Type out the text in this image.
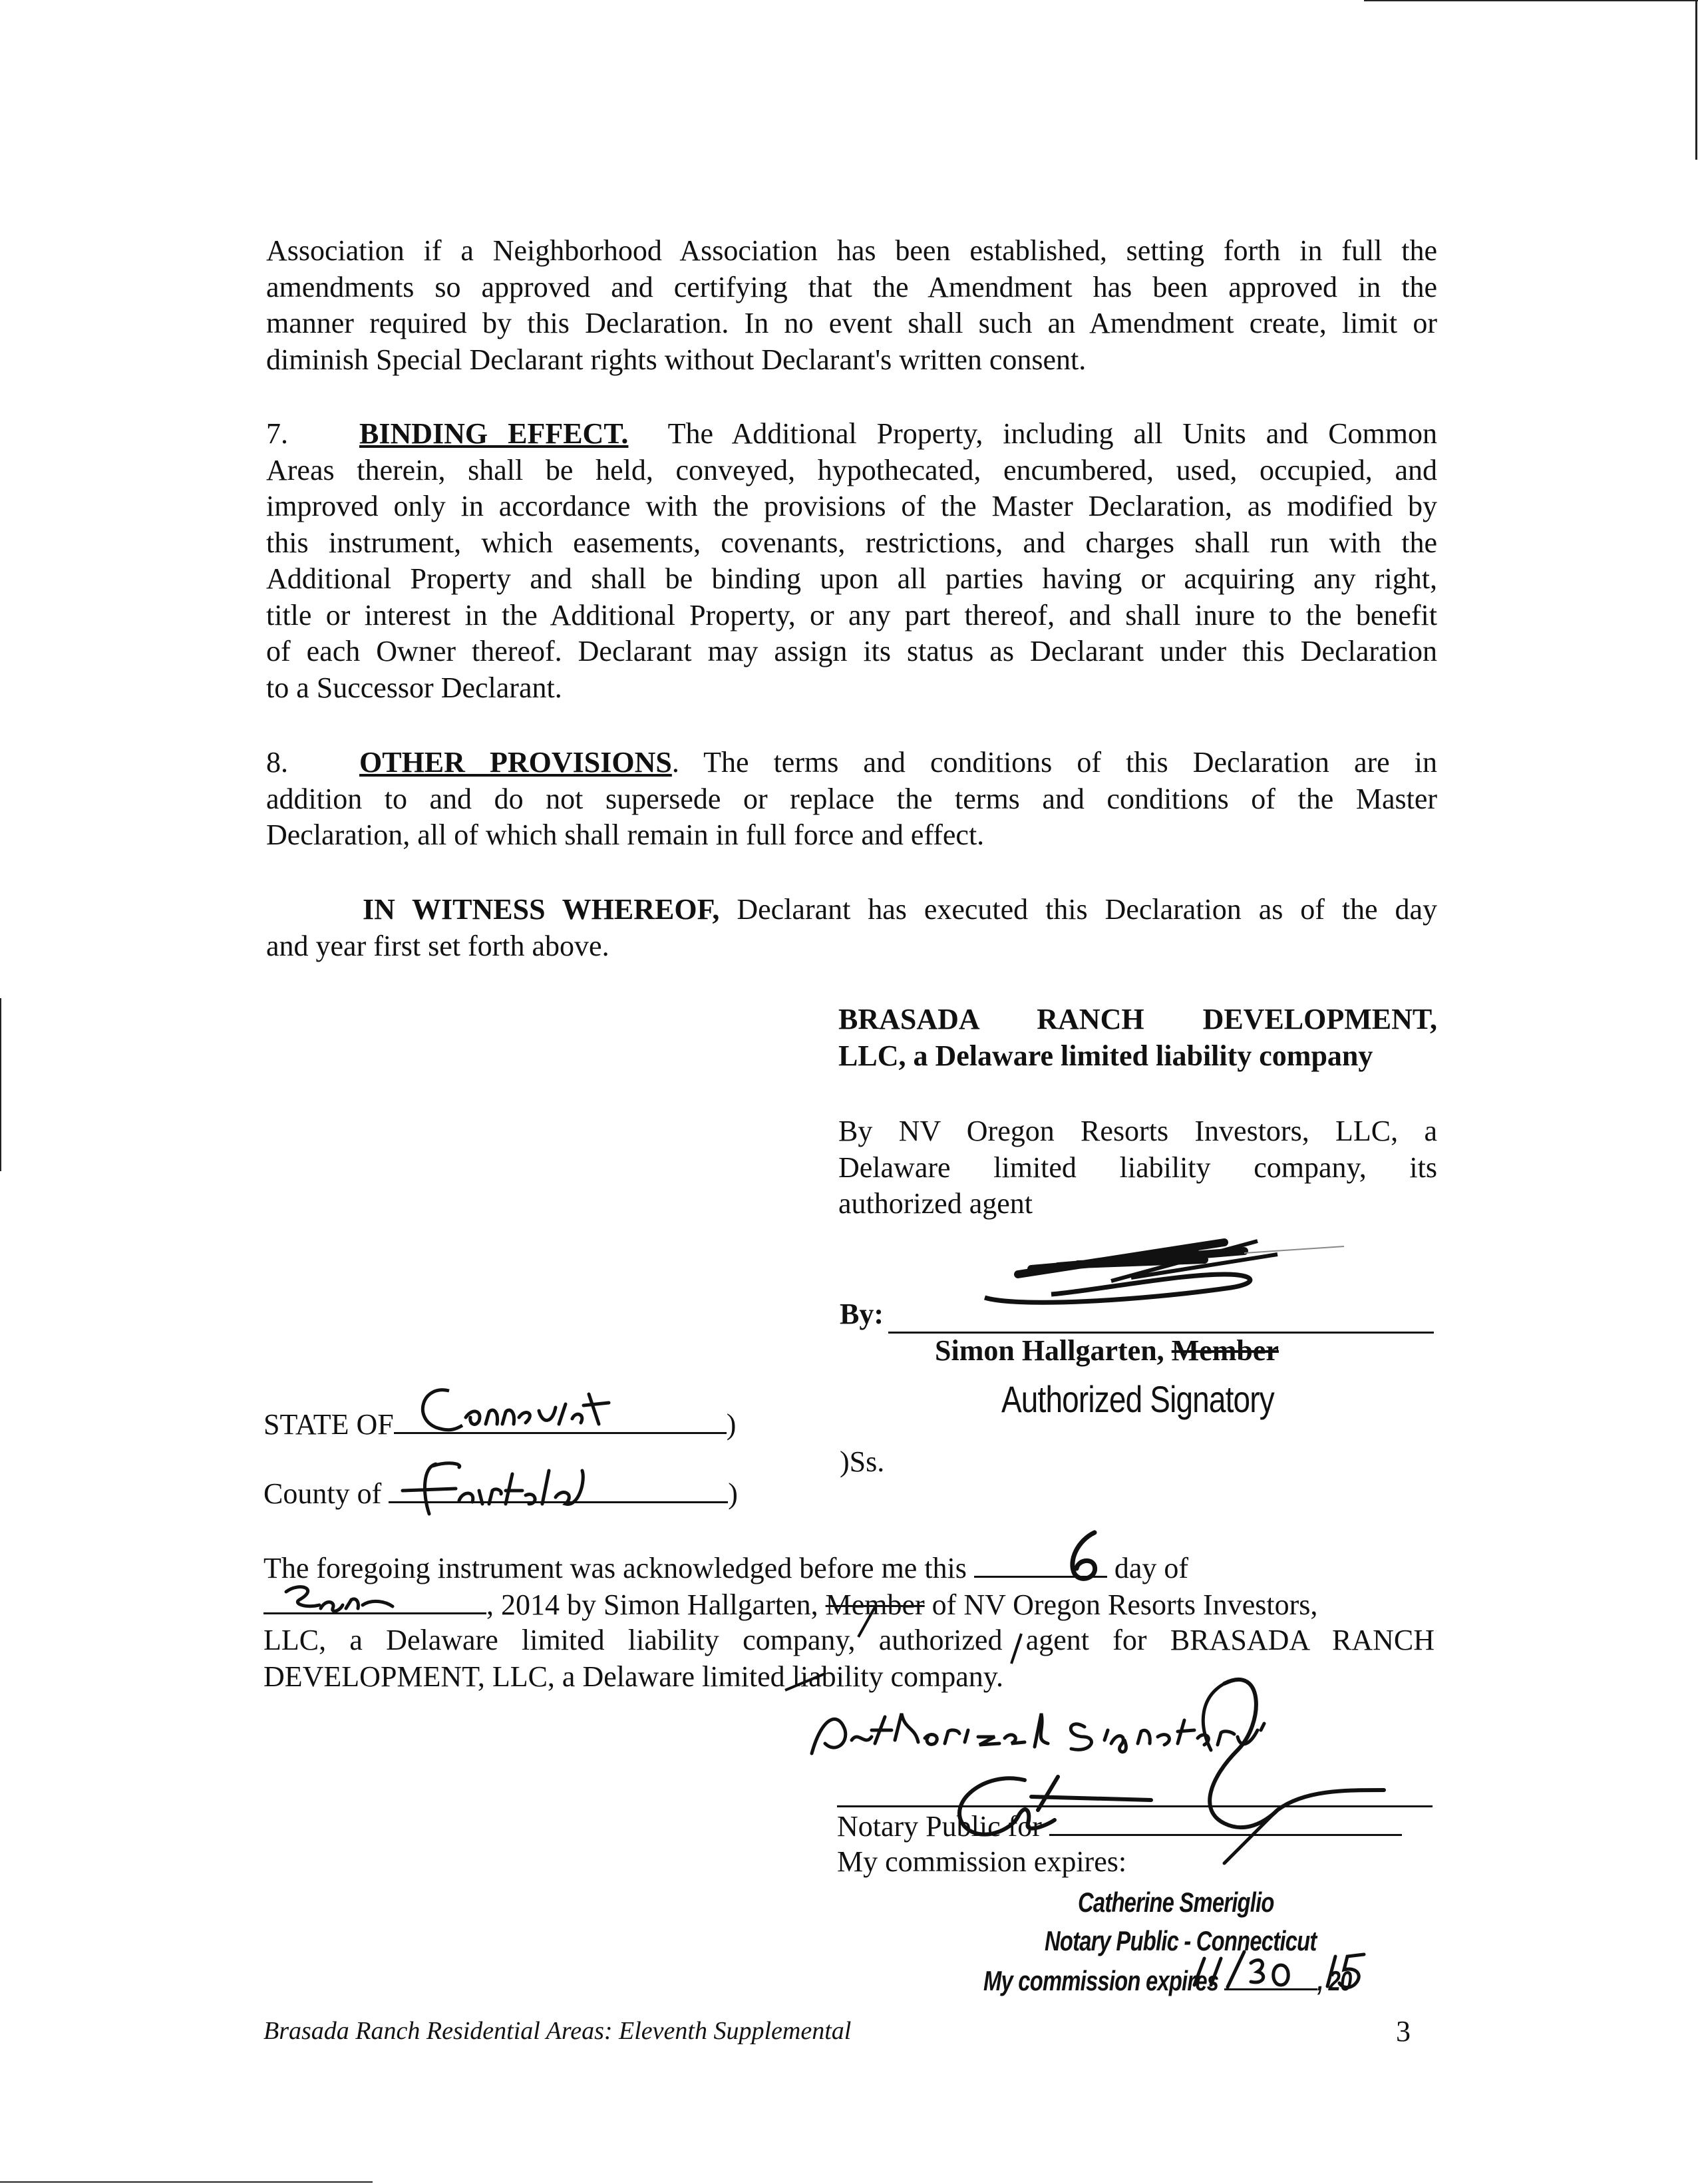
Association if a Neighborhood Association has been established, setting forth in full the
amendments so approved and certifying that the Amendment has been approved in the
manner required by this Declaration. In no event shall such an Amendment create, limit or
diminish Special Declarant rights without Declarant's written consent.
7. BINDING EFFECT. The Additional Property, including all Units and Common
Areas therein, shall be held, conveyed, hypothecated, encumbered, used, occupied, and
improved only in accordance with the provisions of the Master Declaration, as modified by
this instrument, which easements, covenants, restrictions, and charges shall run with the
Additional Property and shall be binding upon all parties having or acquiring any right,
title or interest in the Additional Property, or any part thereof, and shall inure to the benefit
of each Owner thereof. Declarant may assign its status as Declarant under this Declaration
to a Successor Declarant.
8. OTHER PROVISIONS. The terms and conditions of this Declaration are in
addition to and do not supersede or replace the terms and conditions of the Master
Declaration, all of which shall remain in full force and effect.
IN WITNESS WHEREOF, Declarant has executed this Declaration as of the day
and year first set forth above.
BRASADA RANCH DEVELOPMENT,
LLC, a Delaware limited liability company
By NV Oregon Resorts Investors, LLC, a
Delaware limited liability company, its
authorized agent
By:
Simon Hallgarten, Member
Authorized Signatory
STATE OF	)
)Ss.
County of	)
The foregoing instrument was acknowledged before me this	day of
, 2014 by Simon Hallgarten, Member of NV Oregon Resorts Investors,
LLC, a Delaware limited liability company, authorized agent for BRASADA RANCH
DEVELOPMENT, LLC, a Delaware limited liability company.
Notary Public for
My commission expires:
Catherine Smeriglio
Notary Public - Connecticut
My commission expires	, 20
Brasada Ranch Residential Areas: Eleventh Supplemental	3
